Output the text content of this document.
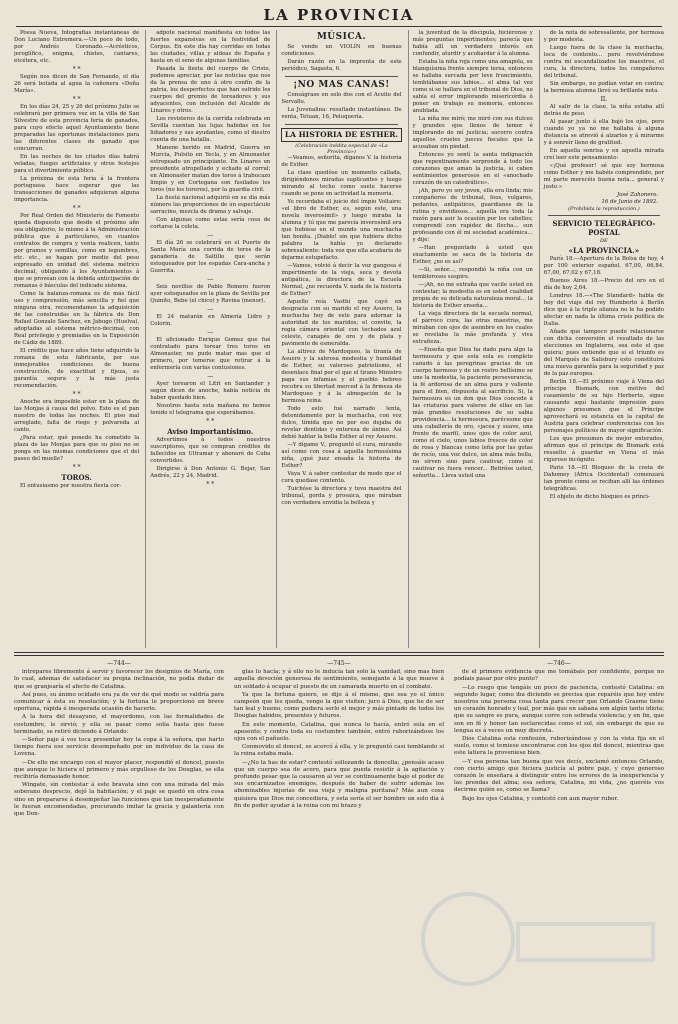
LA PROVINCIA

Poesa Nueva, fotografías instantáneas de Don Luciano Extremera.—Un poco de todo, por Andrés Coronado.—Acrósticos, jeroglífico, enigma, chistes, cantares, etcétera, etc.

* *

Según nos dicen de San Fernando, el día 26 será botada al agua la cañonera «Doña María».

* *

En los días 24, 25 y 26 del próximo Julio se celebrará por primera vez en la villa de San Silvestre de esta provincia feria de ganados, para cuyo efecto aquel Ayuntamiento tiene preparadas las oportunas instalaciones para las diferentes clases de ganado que concurran.

En las noches de los citados días habrá veladas, fuegos artificiales y otros festejos para el divertimiento público.

La próxima de esta feria á la frontera portuguesa hace esperar que las transacciones de ganados adquieran alguna importancia.

* *

Por Real Orden del Ministerio de Fomento queda dispuesto que desde el próximo año sea obligatorio, lo mismo á la Administración pública que á particulares, en cuantos contratos de compra y venta realicen, tanto por gramos y semillas, como en legumbres, etc. etc., se hagan por medio del peso expresado en unidad del sistema métrico decimal, obligando á los Ayuntamientos á que se provean con la debida anticipación de romanas ó básculas del indicado sistema.

Como la balanza-romana es de más fácil uso y comprensión, más sencilla y fiel que ninguna otra, recomendamos la adquisición de las construidas en la fábrica de Don Rafael Gonzalo Sanchez, en Jabugo (Huelva), adoptadas al sistema métrico-decimal, con Real privilegio y premiadas en la Exposición de Cádiz de 1889.

El crédito que hace años tiene adquirido la romana de esta fabricante, por sus inmejorables condiciones de buena construcción, de exactitud y fijeza, es garantía segura y la más justa recomendación.

* *

Anoche era imposible estar en la plaza de las Monjas á causa del polvo. Esto es el pan nuestro de todas las noches. El piso mal arreglado, falta de riego y polvareda al canto.

¿Para estar, qué ponedo ha cometido la plaza de las Monjas para que su piso no se ponga en las mismas condiciones que el del paseo del muelle?

* *
TOROS.

El entusiasmo por nuestra fiesta cor-

adpote nacional manifiesta en todos las fuertes expansivas en la festividad de Corpus. En este día hay corridas en todas las ciudades, villas y aldeas de España y hasta en el seno de algunas familias.

Pasada la fiesta del cuerpo de Cristo, podemos apreciar, por las noticias que nos da la prensa de uno á otro confín de la patria, los desperfectos que han sufrido los cuerpos del gremio de toreadores y sus adyacentes, con inclusión del Alcalde de Linares y otros.

Los revisteros de la corrida celebrada en Sevilla cuentan las lujas habidas en los lidiadores y sus ayudantes, como el diestro cuenta de una batalla.

Manene herido en Madrid, Guerra en Murcia, Pulsito en Yecla, y en Almonaster estropeado un principiante. En Linares un presidente atropellado y echado al corral; en Almonaster matan dos toros á trabucazo limpio y en Cortegana son fusilados los toros (no los toreros), por la guardia civil.

La fiesta nacional adquirió en su día más número las proporciones de un espectáculo sarracino, mezcla de drama y salvaje.

Con algunas como estas sería cosa de cortarse la coleta.

—

El día 26 se celebrará en el Puerto de Santa María una corrida de toros de la ganadería de Saltillo que serán estoqueados por los espadas Cara-ancha y Guerrita.

—

Seis novillos de Pablo Romero fueron ayer estoqueados en la plaza de Sevilla por Quinito, Bebe (el chico) y Ravina (menor).

—

El 24 matarán en Almería Lidro y Colorin.

—

El aficionado Enrique Gomez que fué contratado para torear tres toros en Almonaster, no pudo matar mas que el primero, por temerse que retirar á la enfermería con varias contusiones.

—

Ayer torearon el Litri en Santander y según dicen de anoche, había noticia de haber quedado bien.

Nosotros hasta esta mañana no hemos tenido el telegrama que esperábamos.

* *
Aviso importantísimo.

Advertimos á todos nuestros suscriptores, que se compran créditos de fallecidos en Ultramar y abonaré de Cuba convertidos.

Dirigirse á Don Antonio G. Bejar, San Andrés, 22 y 24, Madrid.

* *
MÚSICA.

Se vende un VIOLÍN en buenas condiciones.

Darán razón en la imprenta de este periódico, Sagasta, 6.

¡NO MAS CANAS!

Conságrase en solo dos con el Aceite del Servallo.

La Juvenalina: resultado instantáneo. De venta, Tetuan, 16, Peluquería.

LA HISTORIA DE ESTHER.
(Celebración inédita especial de «La Provincia»)

—Veamos, señorita, díganos V. la historia de Esther.

La clase quedóse un momento callada, dirigiéndonos miradas suplicantes y luego mirando al techo como suele hacerse cuando se pone en actividad la memoria.

Yo recordaba el juicio del ímpio Voltaire: «el libro de Esther, es, según este, una novela inverosímil» y luego miraba la alumna y tú que me parecía inverosímil era que hubiese en el mundo una muchacha tan bonita. ¡Diablo! sin que hubiera dicho palabra la había yo declarado sobresaliente: toda voz que ella acabaría de dejarme estupefacto.

—Vamos, volvió á decir la voz gangosa é impertinente de la vieja, seca y devota antipática, la directora de la Escuela Normal, ¿no recuerda V. nada de la historia de Esther?

Aquello reía Vasthi que cayó en desgracia con su marido el rey Asuero, la muchacha hoy de este para adornar la autoridad de los maridos; el convite, la regia cámara oriental con techados azul celeste, canapés de oro y de plata y pavimento de esmeralda.

La altivez de Mardoqueo, la tiranía de Asuero y la sabrosa modestia y humildad de Esther, su valeroso patriotismo, el desenlace final por el que el tirano Ministro paga sus infamias y el pueblo hebreo recobra su libertad merced á la firmeza de Mardoqueo y á la abnegación de la hermosa reina.

Todo esto fué narrado lenta, detenidamente por la muchacha, con voz dulce, tímida que no por eso dejaba de revelar dentidas y entereza de ánimo. Así debió hablar la bella Esther al rey Asuero.

—Y dígame V., preguntó el cura, mirando así como con cosa á aquella hermosísima niña, ¿qué juez ensaña la historia de Esther?

Vaya V. á saber contestar de modo que el cura quedase contento.

Tuichóse la directora y tuvo maestra del tribunal, gorda y prosaica, que miraban con verdadera envidia la belleza y

la juventud de la discípula, hiciéronse y más preguntas impertinentes; parecía que había allí un verdadero interés en confundir, aturdir y acobardar á la alumna.

Estaba la niña roja como una amapola, su blanquísima frente siempre tersa, entonces se hallaba surcada por leve fruncimiento, temblábanse sus labios... el alma tal vez como si se hallara en el tribunal de Dios, no sabía el error implorando misericordia ó poner en trabajo su memoria, entonces anublada.

La niña me miró; me miró con sus dulces y grandes ojos llenos de temor é implorando de mí justicia; socorro contra aquellos crueles jueces fiscales que la acusaban sin piedad.

Entonces yo sentí la santa indignación que repentinamente sorprende á todo los corazones que aman la justicia, si caben sentimientos generosos en el «anochado corazón de un catedrático».

¡Ah, pero yo soy joven, ella era linda; mis compañeros de tribunal, feos, vulgares, pedantes, antipáticos, guardianes de la rutina y envidiosos... aquella era toda la razón para asir la ocasión por los cabellos; comprendí con rapidez de flecha... sun profesando con él mi sociedad académica... y dije:

—Han preguntado á usted que exactamente se saca de la historia de Esther, ¿no es así?

—Si, señor..., respondió la niña con un temblorosos suspiro.

—¡Ah, no me extraña que vacile usted en contestar; la modestia es en usted cualidad propia de su delicada naturaleza moral... la historia de Esther enseña...

La vieja directora de la escuela normal, el párroco cura, las otras maestras, me miraban con ojos de asombro en los cuales se revelaba la más profunda y viva extrañeza.

—Enseña que Dios ha dado para algo la hermosura y que esta sola es completo canudo á las peregrinas gracias de un cuerpo hermoso y de un rostro bellísimo se une la modestia, la paciente perseverancia, la fé ardorosa de un alma pura y valiente para el bien, dispuesta al sacrificio. Si, la hermosura es un don que Dios concede á las criaturas para valerse de ellas en las más grandes resoluciones de su sabia providencia... la hermosura, parécesme que una caballería de oro, «jacea y suave, una frente de marfil, unos ojos de color azul, como el cielo, unos labios frescos de color de rosa y blancas como leña por las gotas de rocío, una voz dulce, un alma más bella, no sirven sino para cautivar, como si cautivar no fuera vencer... Retiróse usted, señorita... Lleva usted una

de la nota de sobresaliente, por hermosa y por modesta.

Luego fuera de la clase la muchacha, loca de contento... pero revolviéndose contra mí escandalizados los maestros, el cura, la directora, todos los compañeros del tribunal.

Sin embargo, no podían votar en contra; la hermosa alumna llevó su brillante nota.

II.

Al salir de la clase, la niña estaba allí detrás de peso.

Al pasar junto á ella bajó los ojos, pero cuando yo ya no me hallaba á alguna distancia se atrevió á alzarlos y á mirarme y á sonreír lleno de gratitud.

En aquella sonrisa y en aquella mirada creí leer este pensamiento:

«¡Qué profesor! sé que soy hermosa como Esther y me habéis comprendido, por mí parte merecéis buena nota... general y justo.»

José Zahonero.
16 de Junio de 1892.
(Prohibida la reproducción.)
SERVICIO TELEGRÁFICO-POSTAL
DE
«LA PROVINCIA.»

París 18.—Apertura de la Bolsa de hoy, 4 por 100 exterior español, 67,00, 66,84, 67,00, 67,02 y 67,18.

Buenos Aires 18.—Precio del oro en el día de hoy 2,64.

Londres 18.—«The Standard» habla de hoy del viaje del rey Humberto á Berlín dice que á la triple alianza no le ha podido afectar en nada la última crisis política de Italia.

Añade que tampoco puede relacionarse con dicha conversión el resultado de las elecciones en Inglaterra, sea este el que quiera; pues entiende que si el triunfo es del Marqués de Salisbury esto constituirá una nueva garantía para la seguridad y paz de la paz europea.

Berlín 18.—El próximo viaje á Viena del príncipe Bismark, con motivo del casamiento de su hijo Herberto, sigue causando aquí bastante impresión pues algunos presumen que el Príncipe aprovechará su estancia en la capital de Austria para celebrar conferencias con los personajes políticos de mayor significación.

Los que presumen de mejor enterados, afirman que el príncipe de Bismark está resuelto á guardar en Viena el más riguroso incógnito.

Paris 18.—El Bloqueo de la costa de Dahomey (África Occidental) comenzará tan pronto como se reciban allí las órdenes telegráficas.

El objeto de dicho bloqueo es princi-

—744—

intrepares libremente á servir y favorecer los designios de María, con lo cual, ademas de satisfacer su propia inclinación, no podía dudar de que se granjearía el afecto de Catalina.

Así pues, su ánimo ocidado era ya de ver de qué modo se valdría para comunicar á ésta su resolución; y la fortuna le proporcionó en breve oportuna, rápida é inesperada ocasión de hacerlo.

A la hora del desayuno, el mayordomo, con las formalidades de costumbre, le sirvió; y ella se pasar como solía hasta que fuese terminado, se retiró diciendo á Orlando:

—Señor paje á vos toca presentar hoy la copa á la señora, que harto tiempo fuera ese servicio desempeñado por un individuo de la casa de Lovena.

—De ello me encargo con el mayor placer, respondió el doncel, puesto que aunque lo hiciera el primero y más orgulloso de los Douglas, se ella recibiría demasiado honor.

Wingate, sin contestar á este bravata sino con una mirada del más soberano desprecio, dejó la habitación; y el paje se quedó en otra cosa sino en prepararse á desempeñar las funciones que tan inesperadamente le fueran encomendadas, procurando imitar la gracia y galantería con que Don-

—745—

glas lo hacía; y á ello no le inducía tan solo la vanidad, sino mas bien aquella devoción generosa de sentimiento, semejante á la que mueve á un soldado á ocupar el puesto de un camarada muerto en el combate.

Ya que la fortuna quiere, se dijo á sí mismo, que sea yo el único campeón que les queda, vengo la que visiten: juro á Dios, que he de ser tan leal y bueno, como pudiera serlo el mejor y más pintado de todos los Douglas habidos, presentes y futuros.

En este momento, Catalina, que nunca lo hacía, entró sola en el aposento; y contra toda su costumbre también, entró ruborizándose los ojos con el pañuelo.

Conmovido el doncel, se acercó á ella, y le preguntó casi temblando si la reina estaba mala.

—¿No la has de estar? contestó sollozando la doncella; ¿pensáis acaso que un cuerpo sea de acero, para que pueda resistir á la agitación y profundo pesar que la causaron al ver se continuamente bajo el poder de sus encarnizados enemigos, después de haber de sufrir además los abominables injurias de esa vieja y maligna puritana? Más aun cosa quisiera que Dios me concediera, y esta sería el ser hombre un solo día á fin de poder ayudar á la reina con mi brazo y

—746—

de el primero evidencia que me tomábais por confidente, porque no podíais pasar por otro punto?

—Lo ruego que tengáis un poco de paciencia, contestó Catalina: en segundo lugar, como iba diciendo se precisa que reparéis que hoy entre nosotros una persona cosa tanta para crecer que Orlando Graeme tiene un corazón honrado y leal, por más que en sabana son algún tanto idiota; que su sangre es pura, aunque corre con sobrada violencia; y en fin, que son en fé y honor tan esclarecidas como el sol, sin embargo de que su lengua es á veces un muy discreta.

Dios Catalina esta confesión, ruborizándose y con la vista fija en el suelo, como si temiese encontrarse con los ojos del doncel, mientras que este latiera la proveniese bien.

—Y esa persona tan buena que ves decís, exclamó entonces Orlando, con cierto amigo que hiciera justicia al pobre paje, y cuyo generoso corazón le enseñara á distinguir entre los errores de la inexperiencia y las prendas del alma; esa señora, Catalina, mi vida, ¿no queréis vos decirme quién es, como se llama?

Bajo los ojos Catalina, y contestó con aun mayor rubor.
